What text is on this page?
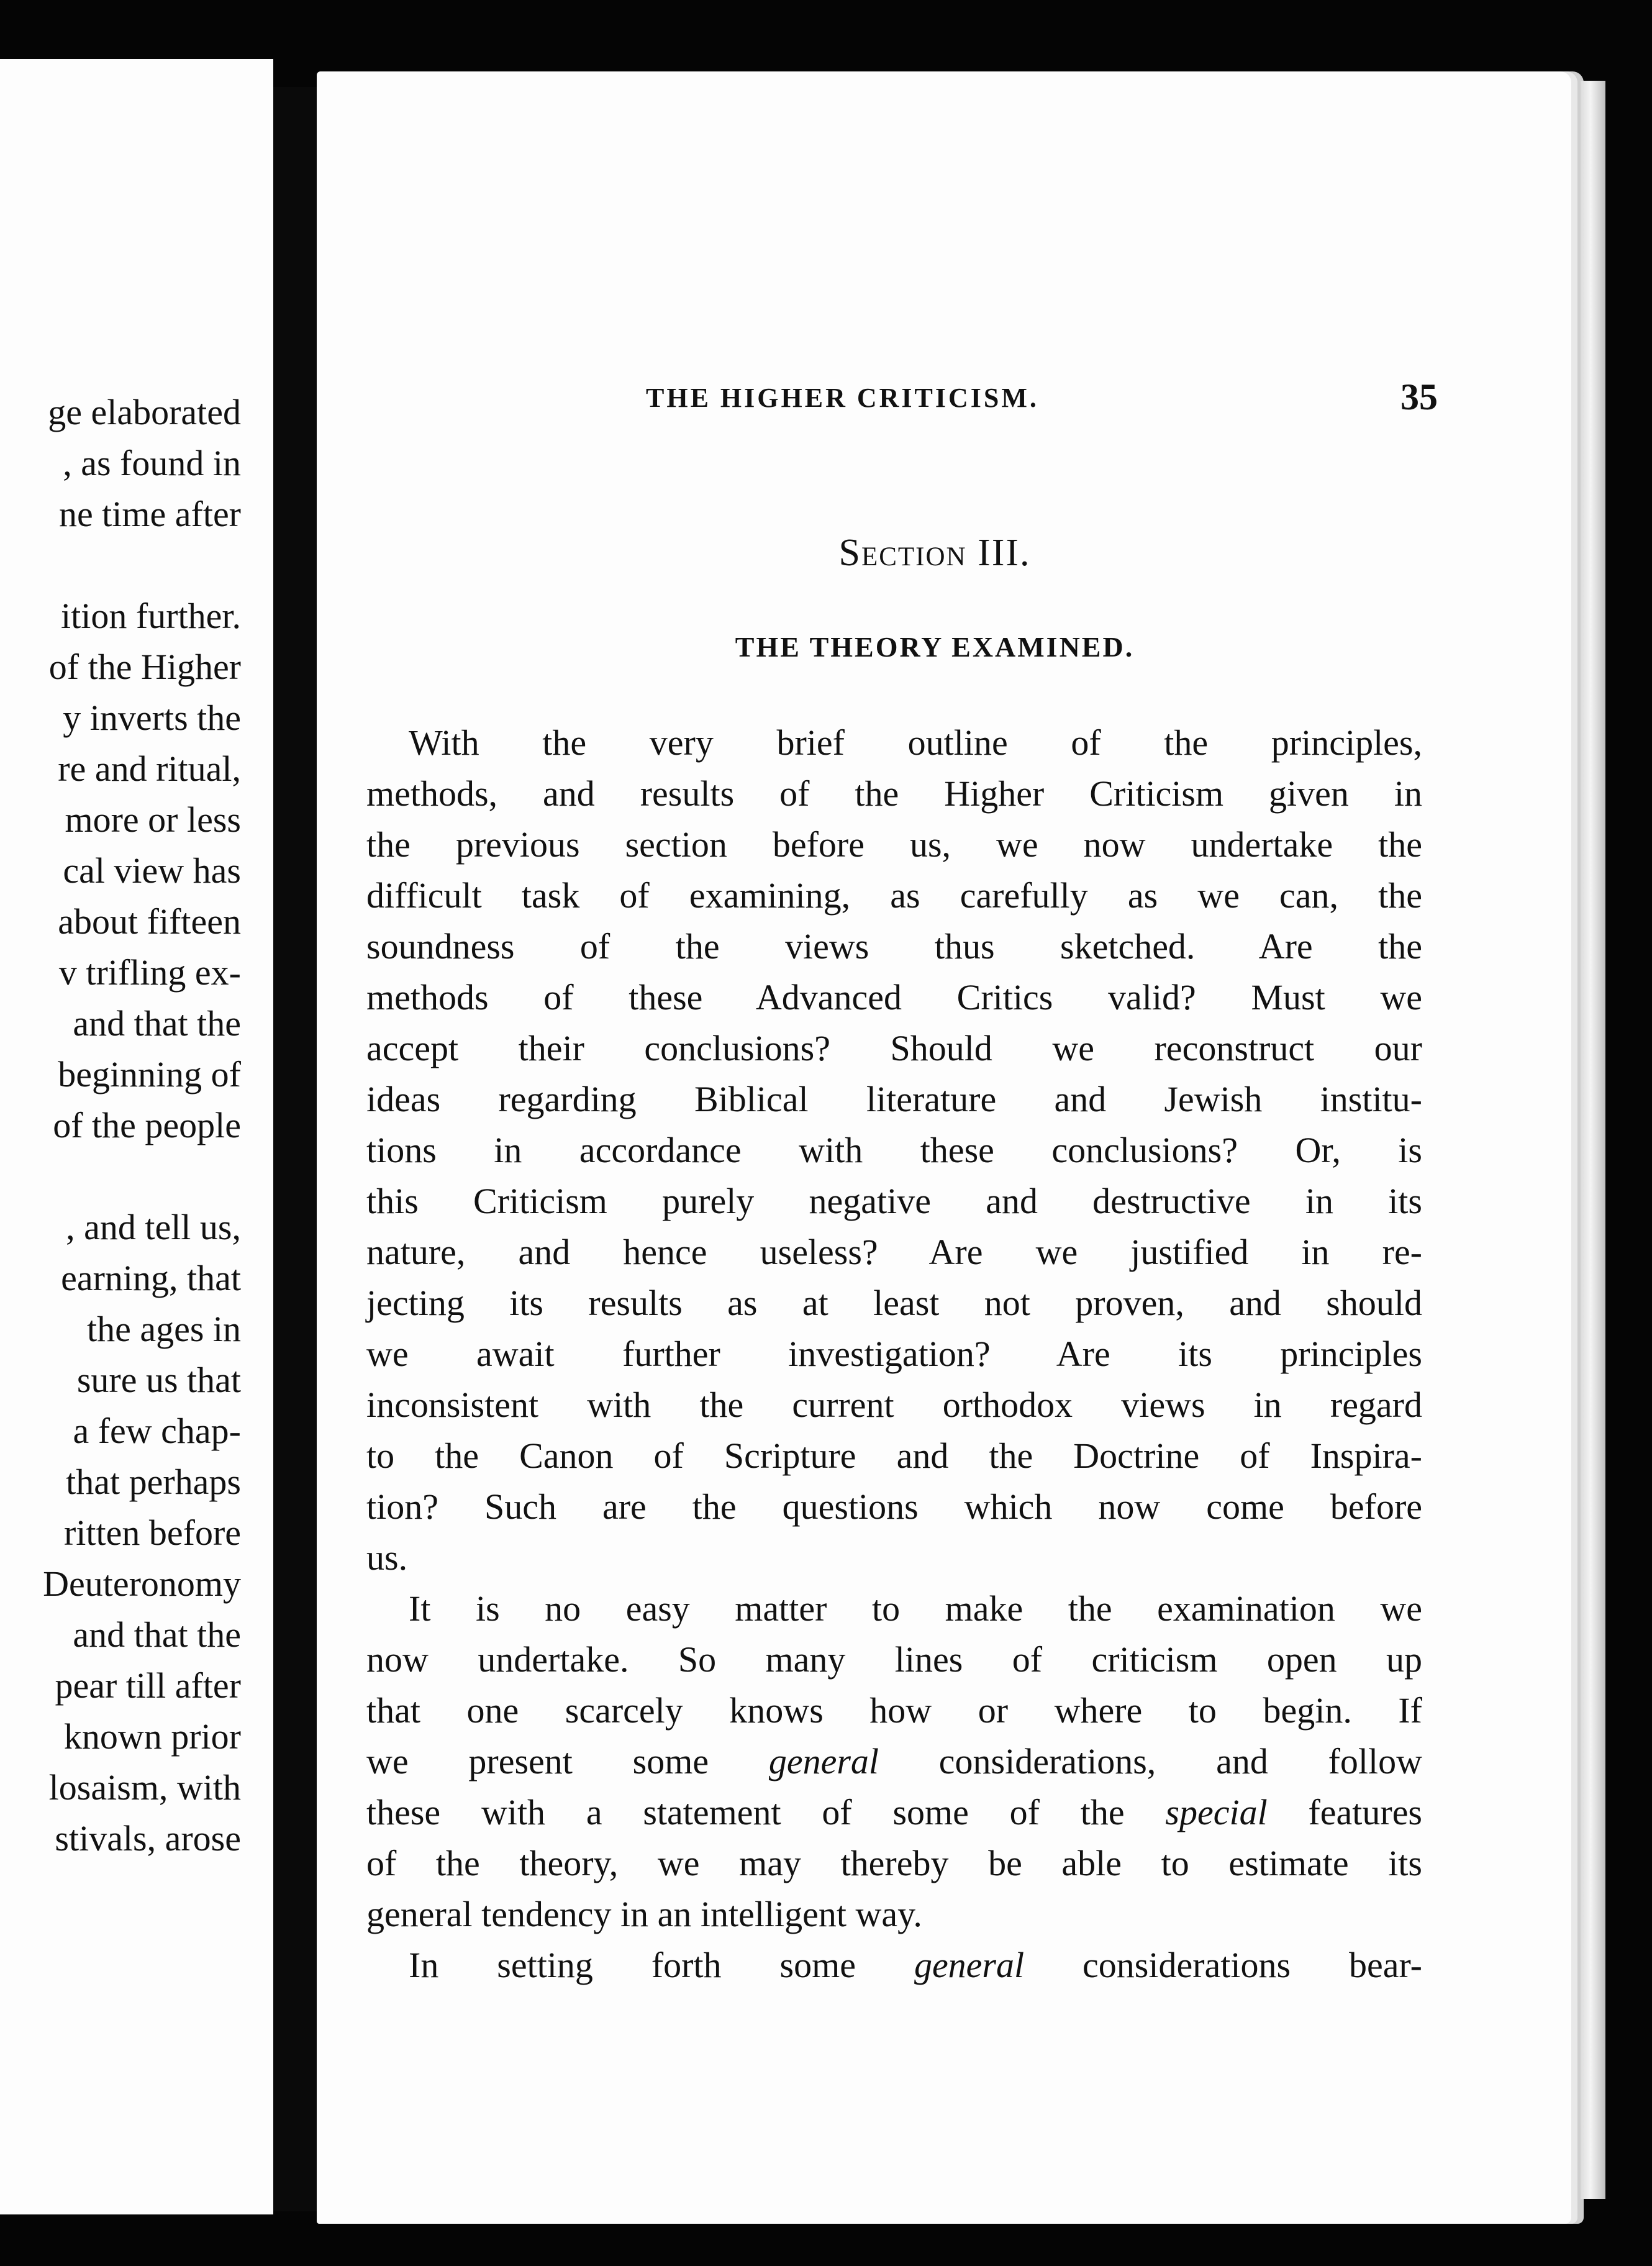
ge elaborated
, as found in
ne time after
ition further.
of the Higher
y inverts the
re and ritual,
more or less
cal view has
about fifteen
v trifling ex-
and that the
beginning of
of the people
, and tell us,
earning, that
the ages in
sure us that
a few chap-
that perhaps
ritten before
Deuteronomy
and that the
pear till after
known prior
losaism, with
stivals, arose
THE HIGHER CRITICISM.	35
Section III.
THE THEORY EXAMINED.
With the very brief outline of the principles,
methods, and results of the Higher Criticism given in
the previous section before us, we now undertake the
difficult task of examining, as carefully as we can, the
soundness of the views thus sketched. Are the
methods of these Advanced Critics valid? Must we
accept their conclusions? Should we reconstruct our
ideas regarding Biblical literature and Jewish institu-
tions in accordance with these conclusions? Or, is
this Criticism purely negative and destructive in its
nature, and hence useless? Are we justified in re-
jecting its results as at least not proven, and should
we await further investigation? Are its principles
inconsistent with the current orthodox views in regard
to the Canon of Scripture and the Doctrine of Inspira-
tion? Such are the questions which now come before
us.
It is no easy matter to make the examination we
now undertake. So many lines of criticism open up
that one scarcely knows how or where to begin. If
we present some general considerations, and follow
these with a statement of some of the special features
of the theory, we may thereby be able to estimate its
general tendency in an intelligent way.
In setting forth some general considerations bear-
